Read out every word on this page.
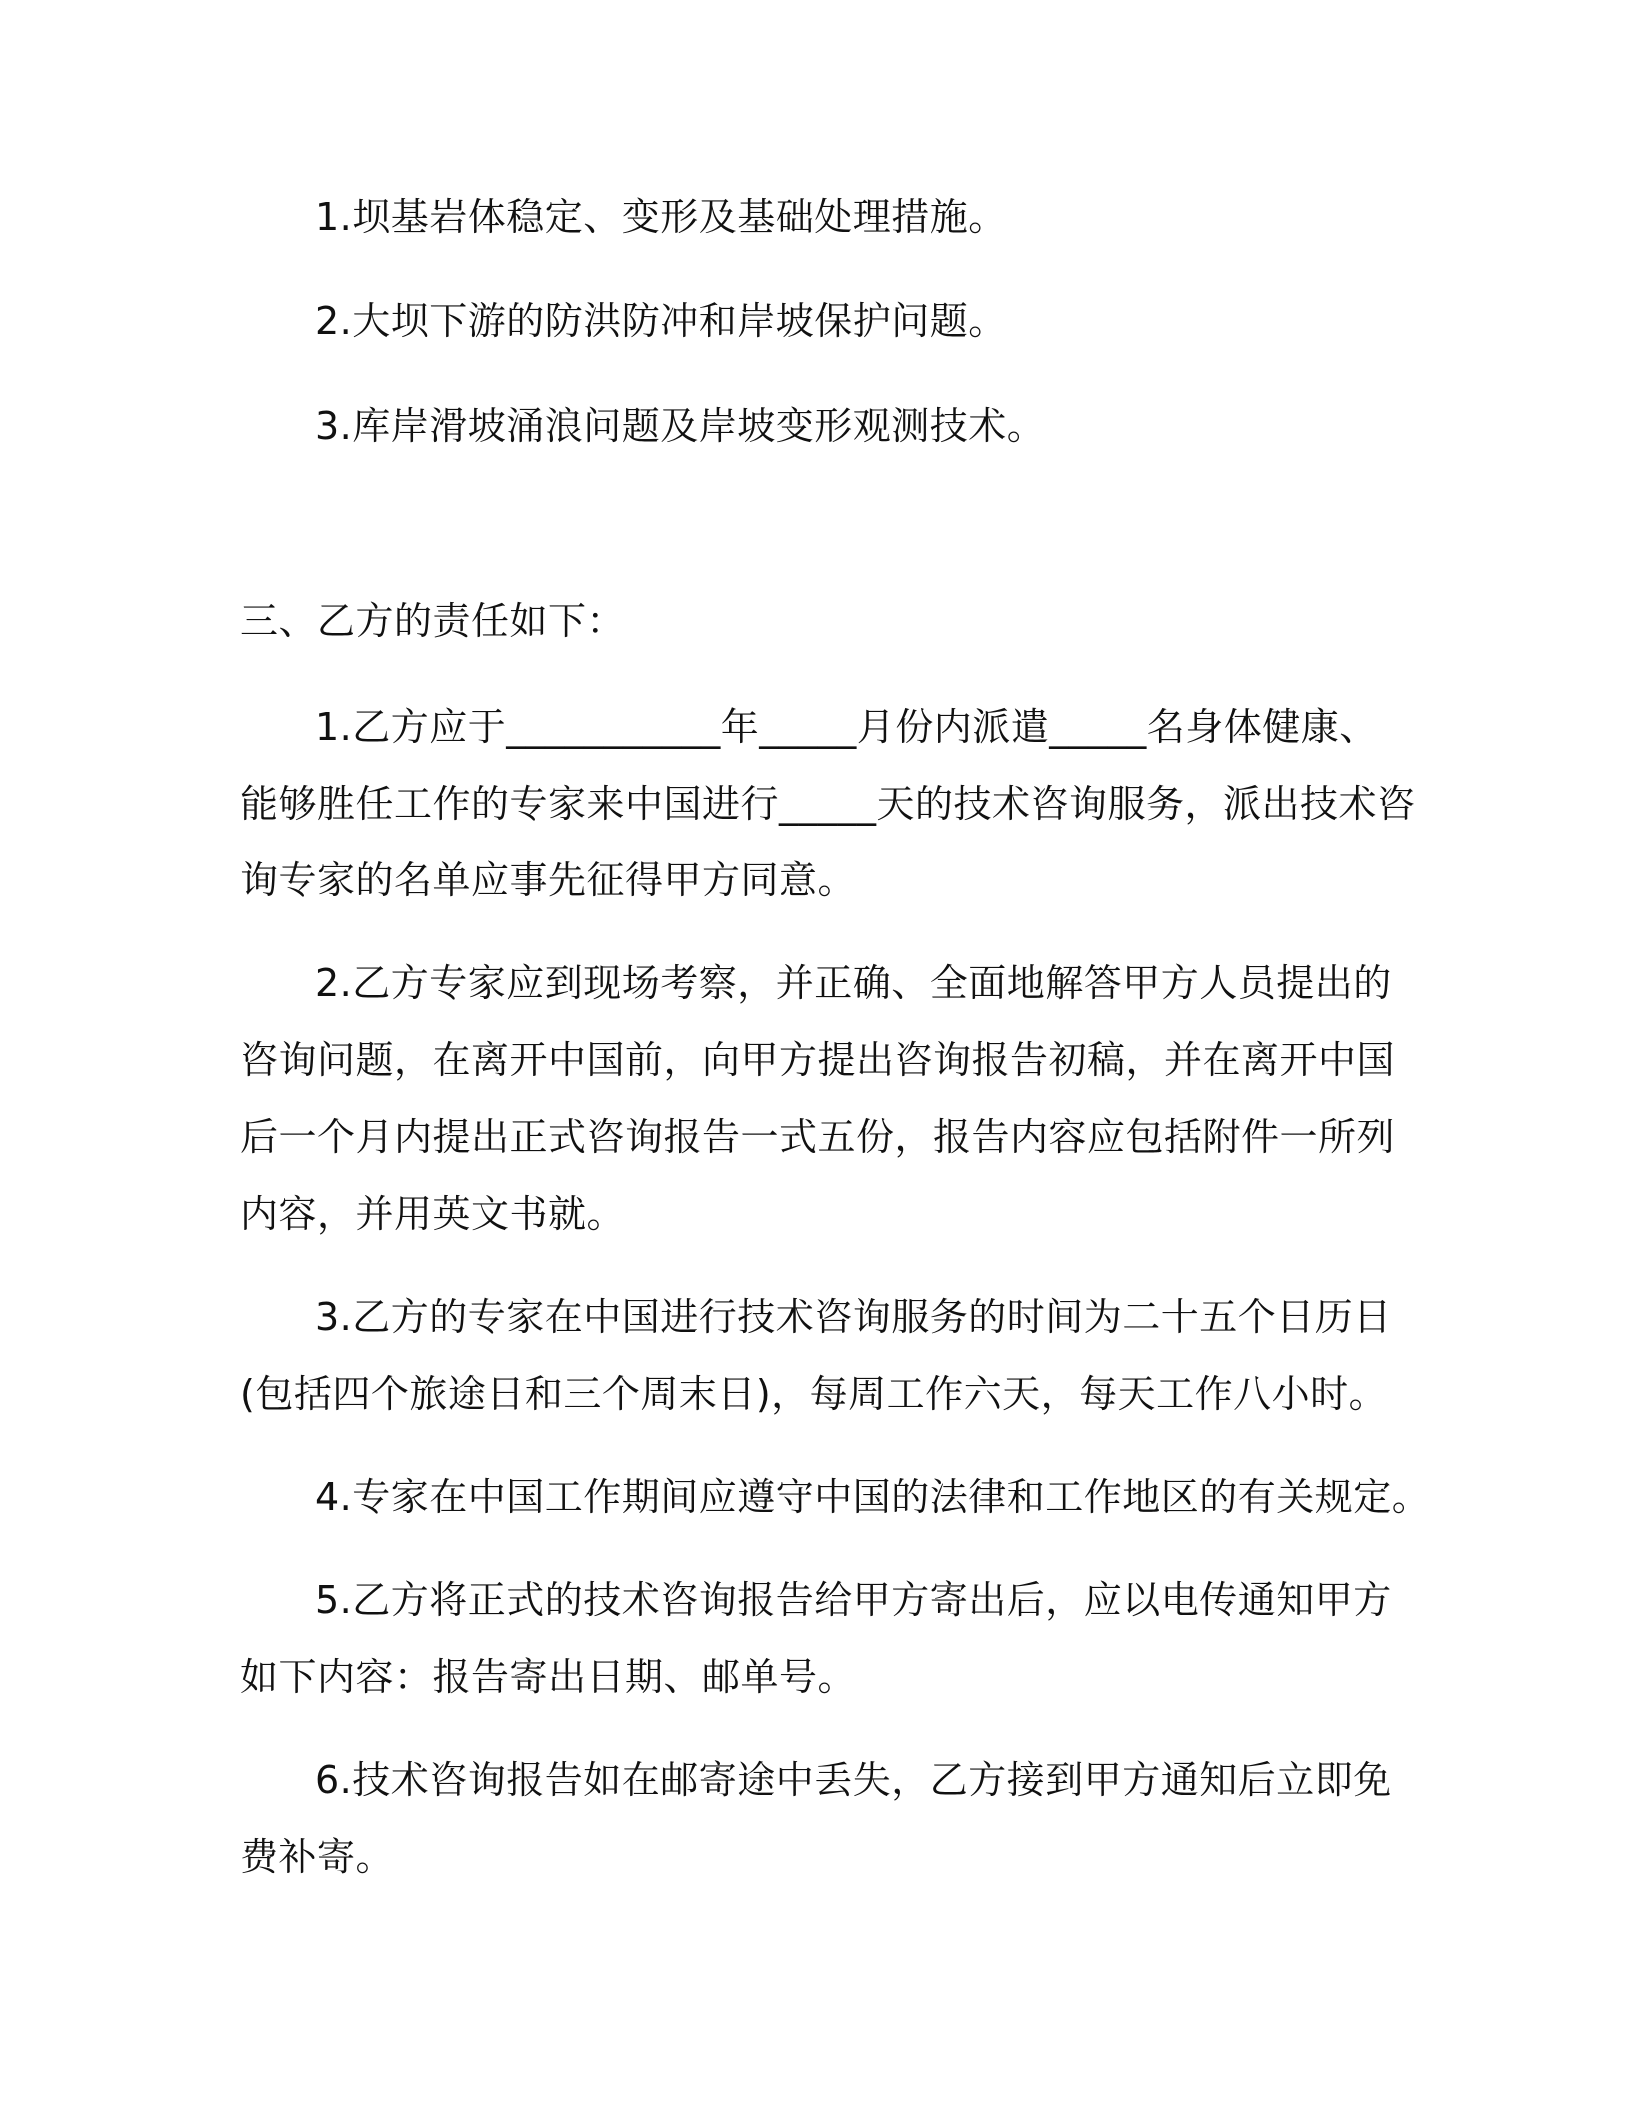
1.坝基岩体稳定、变形及基础处理措施。

2.大坝下游的防洪防冲和岸坡保护问题。

3.库岸滑坡涌浪问题及岸坡变形观测技术。

三、乙方的责任如下：

1.乙方应于___________年_____月份内派遣_____名身体健康、

能够胜任工作的专家来中国进行_____天的技术咨询服务，派出技术咨

询专家的名单应事先征得甲方同意。

2.乙方专家应到现场考察，并正确、全面地解答甲方人员提出的

咨询问题，在离开中国前，向甲方提出咨询报告初稿，并在离开中国

后一个月内提出正式咨询报告一式五份，报告内容应包括附件一所列

内容，并用英文书就。

3.乙方的专家在中国进行技术咨询服务的时间为二十五个日历日

(包括四个旅途日和三个周末日)，每周工作六天，每天工作八小时。

4.专家在中国工作期间应遵守中国的法律和工作地区的有关规定。

5.乙方将正式的技术咨询报告给甲方寄出后，应以电传通知甲方

如下内容：报告寄出日期、邮单号。

6.技术咨询报告如在邮寄途中丢失，乙方接到甲方通知后立即免

费补寄。
